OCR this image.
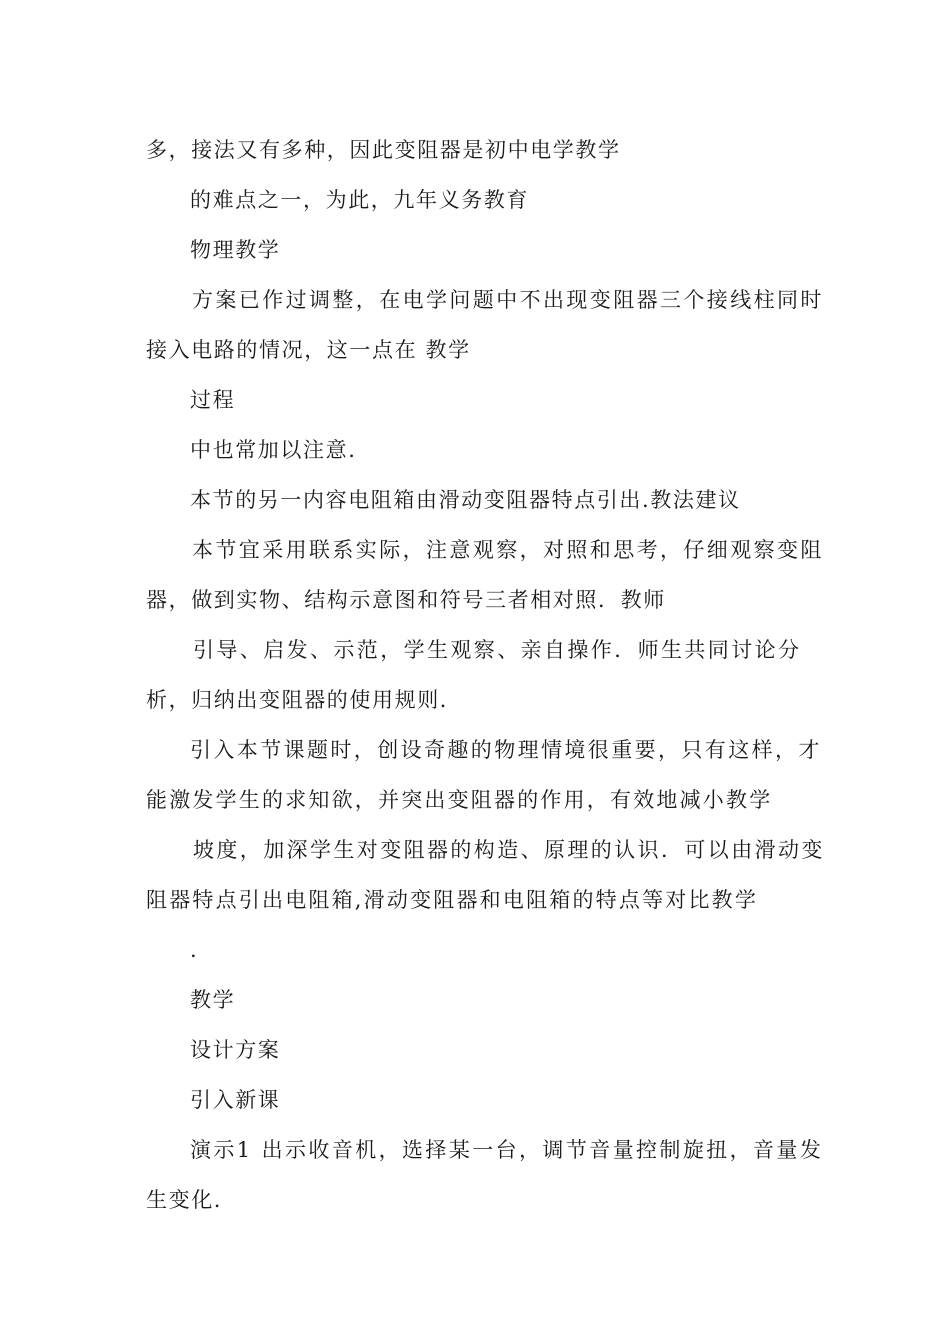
多，接法又有多种，因此变阻器是初中电学教学
的难点之一，为此，九年义务教育
物理教学
方案已作过调整，在电学问题中不出现变阻器三个接线柱同时
接入电路的情况，这一点在 教学
过程
中也常加以注意.
本节的另一内容电阻箱由滑动变阻器特点引出.教法建议
本节宜采用联系实际，注意观察，对照和思考，仔细观察变阻
器，做到实物、结构示意图和符号三者相对照．教师
引导、启发、示范，学生观察、亲自操作．师生共同讨论分
析，归纳出变阻器的使用规则．
引入本节课题时，创设奇趣的物理情境很重要，只有这样，才
能激发学生的求知欲，并突出变阻器的作用，有效地减小教学
坡度，加深学生对变阻器的构造、原理的认识．可以由滑动变
阻器特点引出电阻箱,滑动变阻器和电阻箱的特点等对比教学
.
教学
设计方案
引入新课
演示1 出示收音机，选择某一台，调节音量控制旋扭，音量发
生变化.
